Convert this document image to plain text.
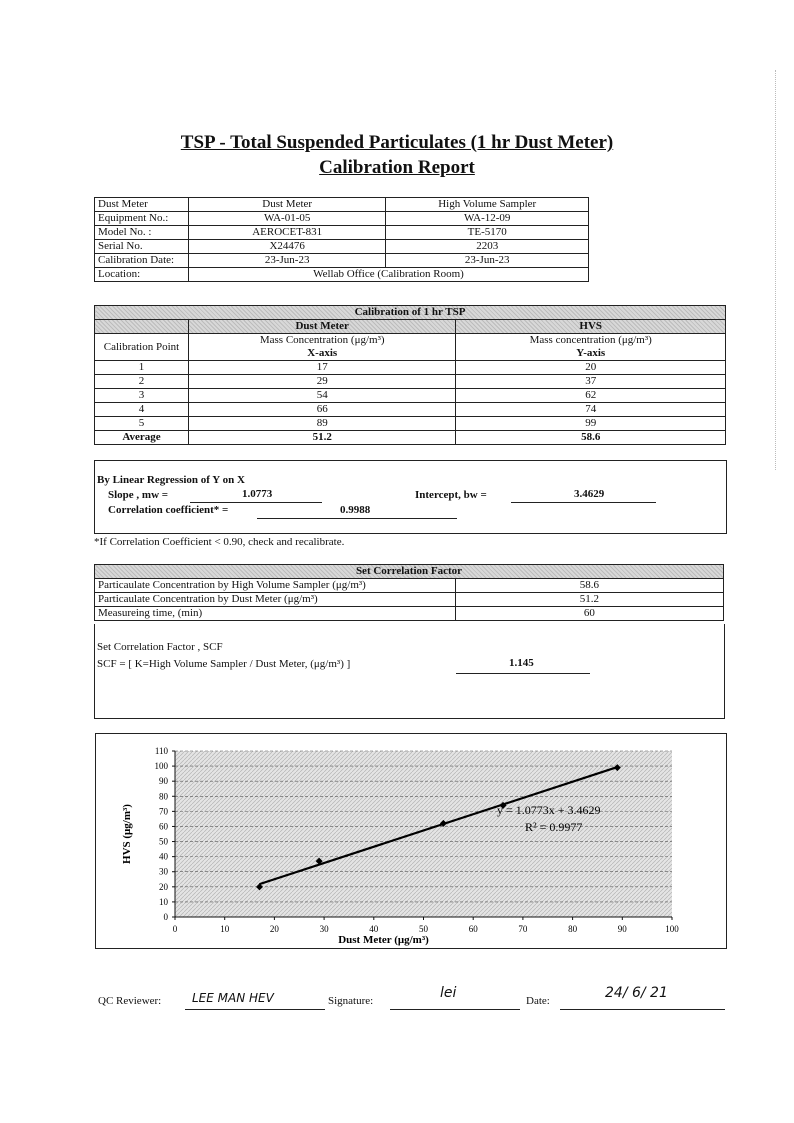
TSP - Total Suspended Particulates (1 hr Dust Meter)
Calibration Report
Dust Meter	Dust Meter	High Volume Sampler
Equipment No.:	WA-01-05	WA-12-09
Model No. :	AEROCET-831	TE-5170
Serial No.	X24476	2203
Calibration Date:	23-Jun-23	23-Jun-23
Location:	Wellab Office (Calibration Room)	
Calibration of 1 hr TSP		
	Dust Meter	HVS
Calibration Point	Mass Concentration (μg/m³)	Mass concentration (μg/m³)
	X-axis	Y-axis
1	17	20
2	29	37
3	54	62
4	66	74
5	89	99
Average	51.2	58.6
By Linear Regression of Y on X
Slope , mw =	1.0773	Intercept, bw =	3.4629
Correlation coefficient* =	0.9988
*If Correlation Coefficient < 0.90, check and recalibrate.
Set Correlation Factor	
Particaulate Concentration by High Volume Sampler (μg/m³)	58.6
Particaulate Concentration by Dust Meter (μg/m³)	51.2
Measureing time, (min)	60
Set Correlation Factor , SCF
SCF = [ K=High Volume Sampler / Dust Meter, (μg/m³) ]	1.145
0
10
20
30
40
50
60
70
80
90
100
110
0	10	20	30	40	50	60	70	80	90	100
y = 1.0773x + 3.4629
R² = 0.9977
Dust Meter (μg/m³)
HVS (μg/m³)
QC Reviewer:	LEE MAN HEV	Signature:	lei	Date:	24/ 6/ 21
